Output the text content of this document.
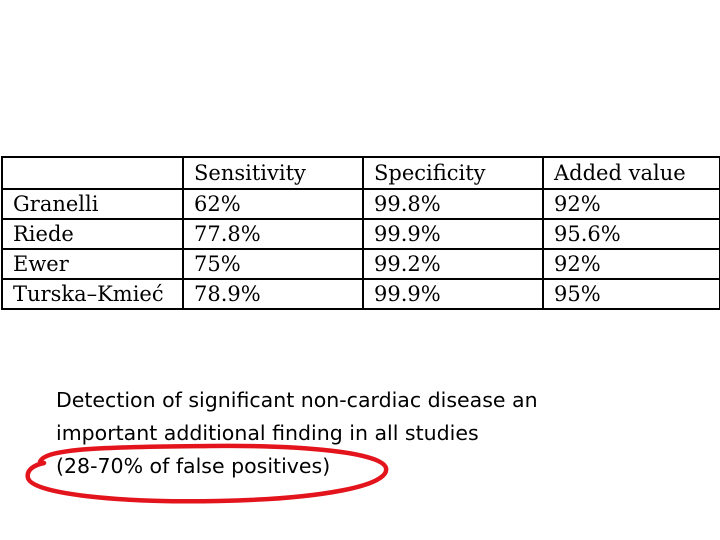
	Sensitivity	Specificity	Added value
Granelli	62%	99.8%	92%
Riede	77.8%	99.9%	95.6%
Ewer	75%	99.2%	92%
Turska–Kmieć	78.9%	99.9%	95%
Detection of significant non-cardiac disease an
important additional finding in all studies
(28-70% of false positives)
